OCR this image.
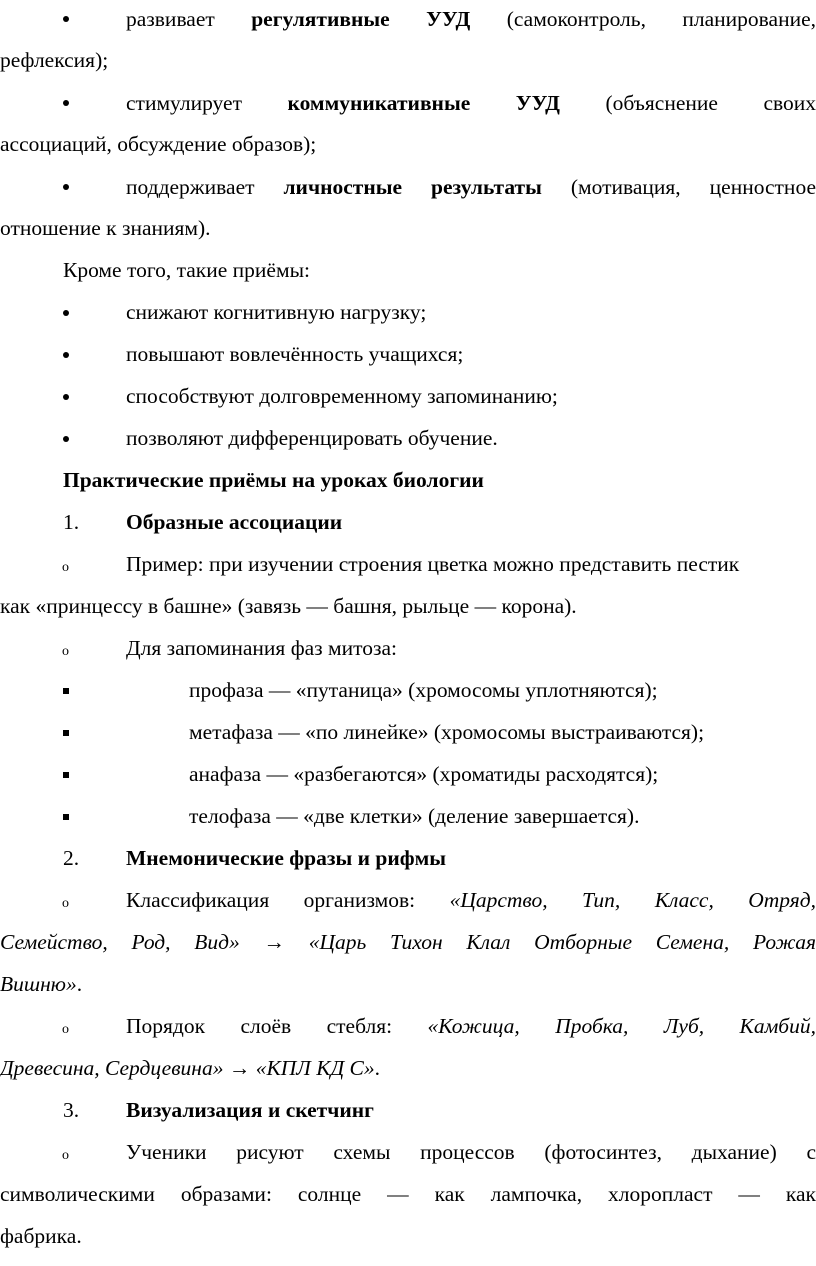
развивает регулятивные УУД (самоконтроль, планирование,
рефлексия);
стимулирует коммуникативные УУД (объяснение своих
ассоциаций, обсуждение образов);
поддерживает личностные результаты (мотивация, ценностное
отношение к знаниям).
Кроме того, такие приёмы:
снижают когнитивную нагрузку;
повышают вовлечённость учащихся;
способствуют долговременному запоминанию;
позволяют дифференцировать обучение.
Практические приёмы на уроках биологии
1. Образные ассоциации
o	Пример: при изучении строения цветка можно представить пестик
как «принцессу в башне» (завязь — башня, рыльце — корона).
o	Для запоминания фаз митоза:
профаза — «путаница» (хромосомы уплотняются);
метафаза — «по линейке» (хромосомы выстраиваются);
анафаза — «разбегаются» (хроматиды расходятся);
телофаза — «две клетки» (деление завершается).
2. Мнемонические фразы и рифмы
o	Классификация организмов: «Царство, Тип, Класс, Отряд,
Семейство, Род, Вид» → «Царь Тихон Клал Отборные Семена, Рожая
Вишню».
o	Порядок слоёв стебля: «Кожица, Пробка, Луб, Камбий,
Древесина, Сердцевина» → «КПЛ КД С».
3. Визуализация и скетчинг
o	Ученики рисуют схемы процессов (фотосинтез, дыхание) с
символическими образами: солнце — как лампочка, хлоропласт — как
фабрика.
